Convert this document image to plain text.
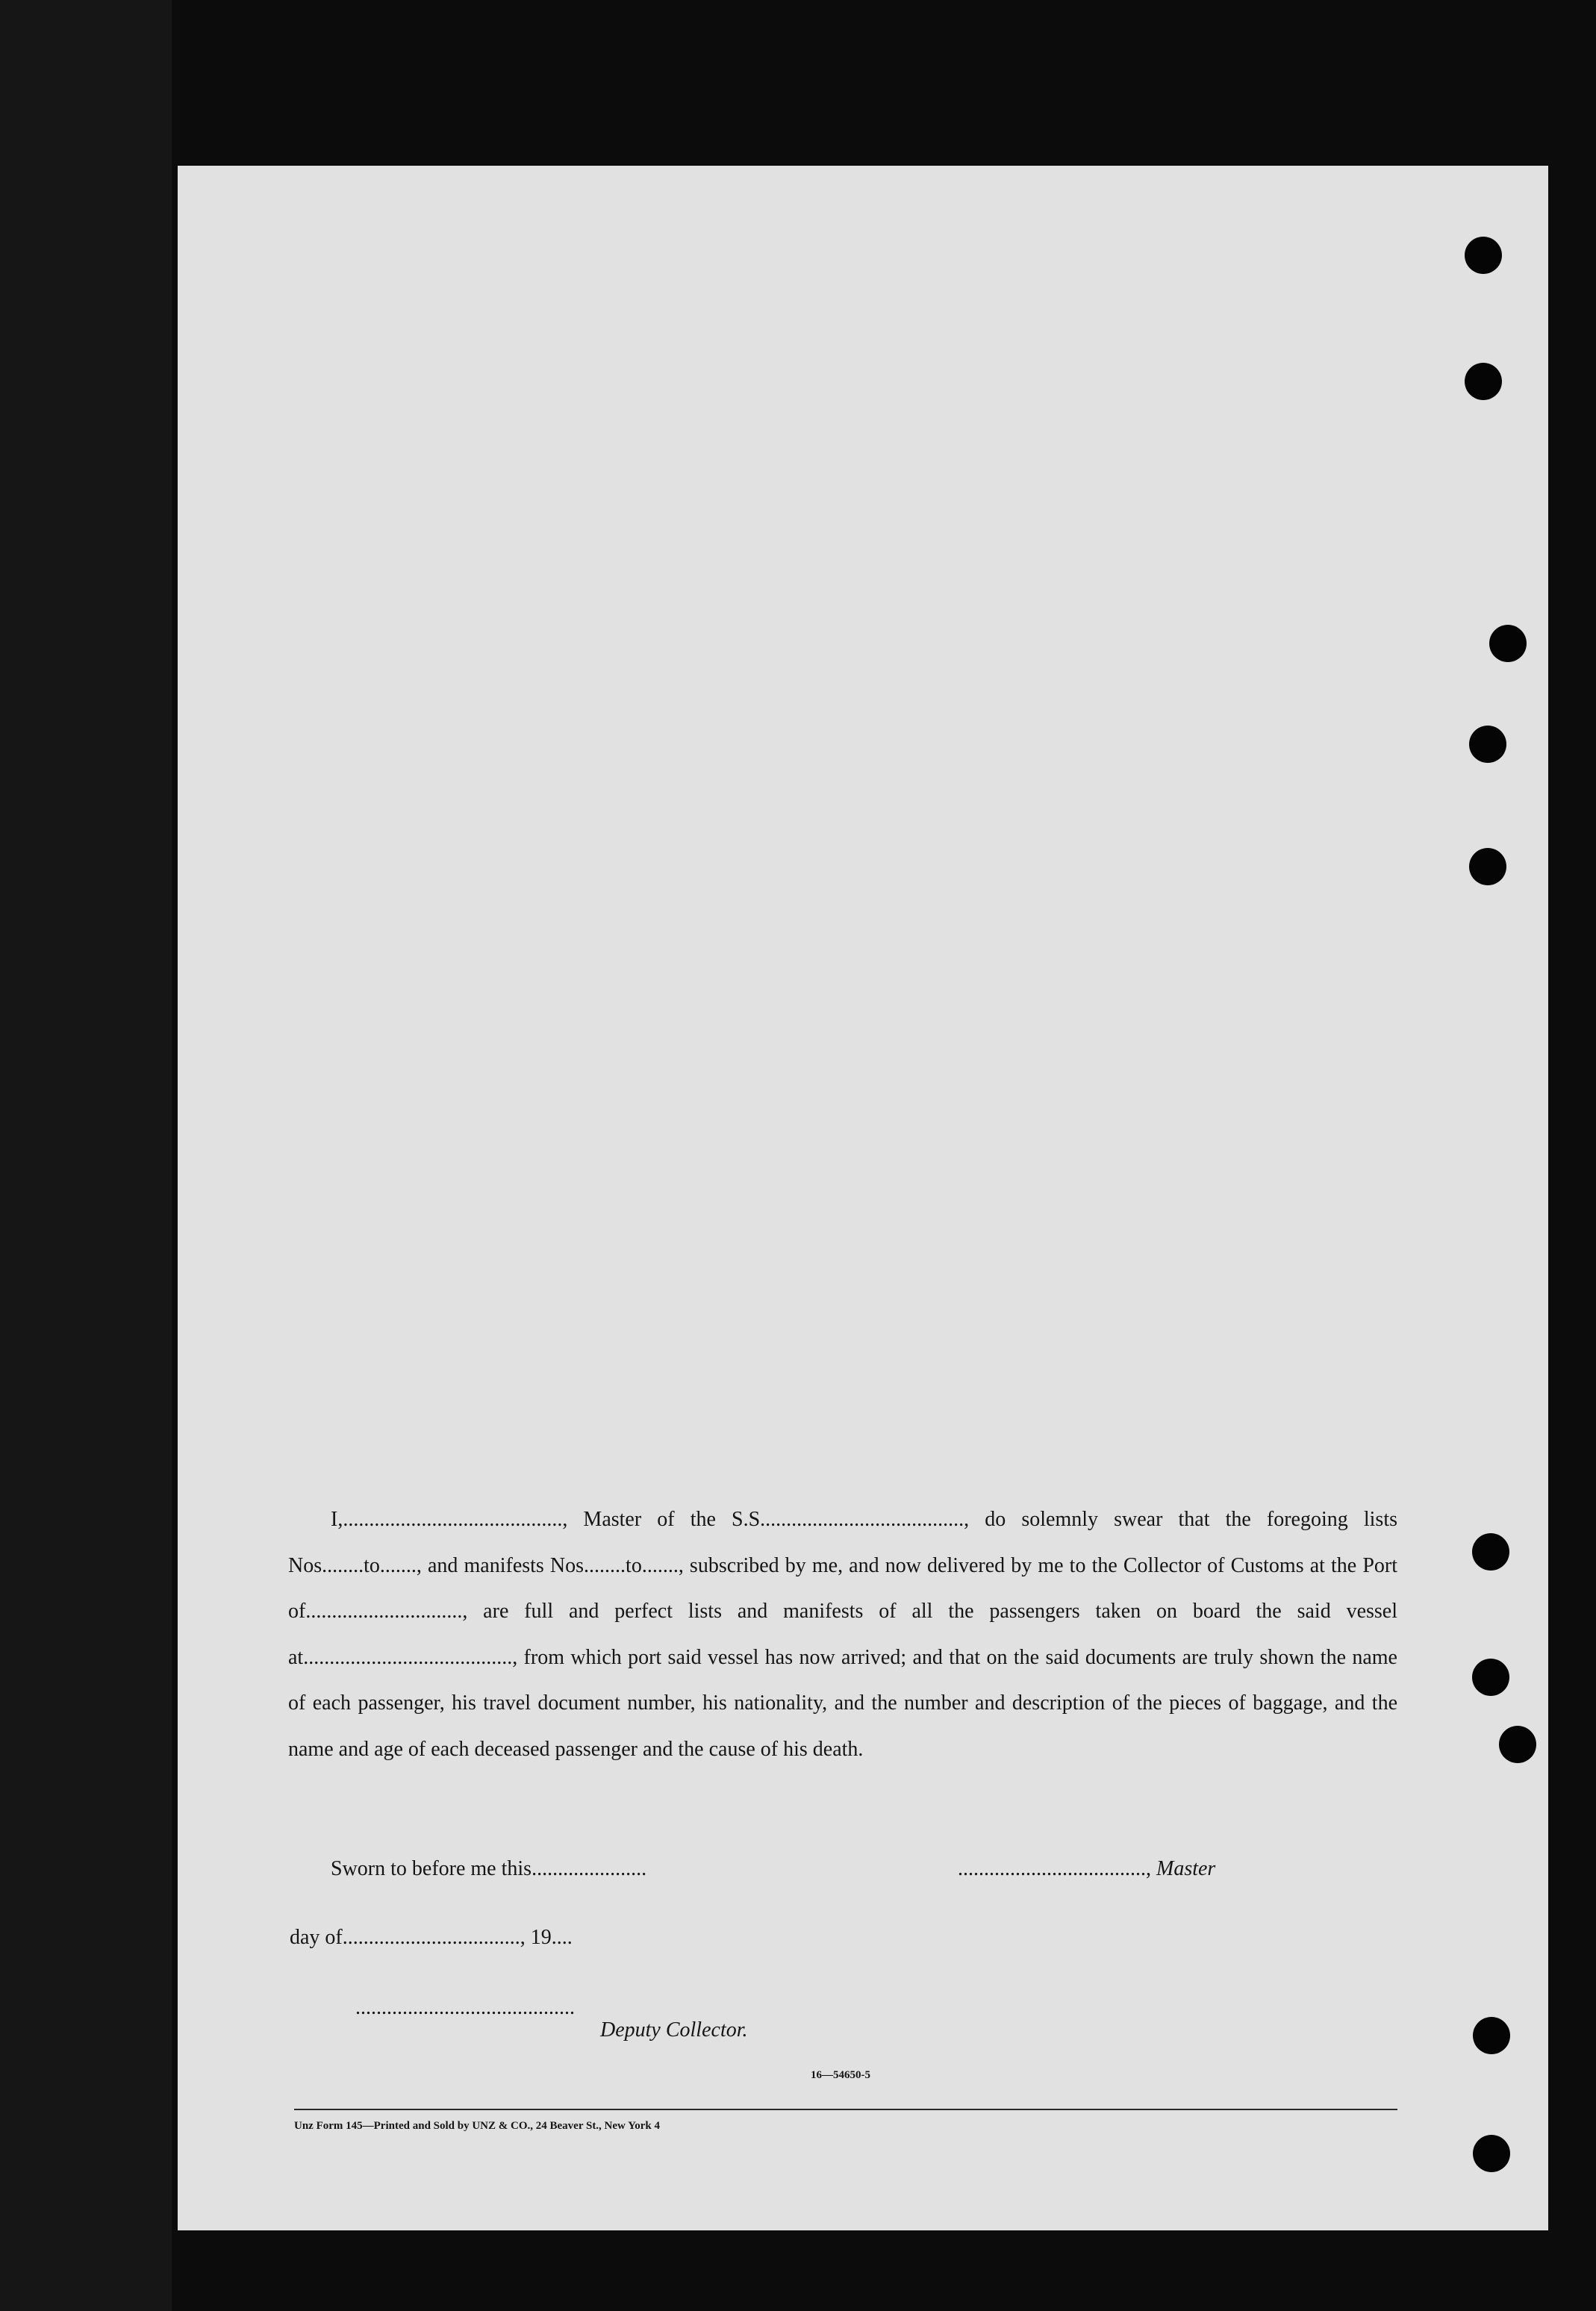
I,.........................................., Master of the S.S......................................., do solemnly swear that the foregoing lists Nos........to......., and manifests Nos........to......., subscribed by me, and now delivered by me to the Collector of Customs at the Port of.............................., are full and perfect lists and manifests of all the passengers taken on board the said vessel at........................................, from which port said vessel has now arrived; and that on the said documents are truly shown the name of each passenger, his travel document number, his nationality, and the number and description of the pieces of baggage, and the name and age of each deceased passenger and the cause of his death.

Sworn to before me this......................	...................................., Master
day of.................................., 19....
..........................................
Deputy Collector.
16—54650-5
Unz Form 145—Printed and Sold by UNZ & CO., 24 Beaver St., New York 4
